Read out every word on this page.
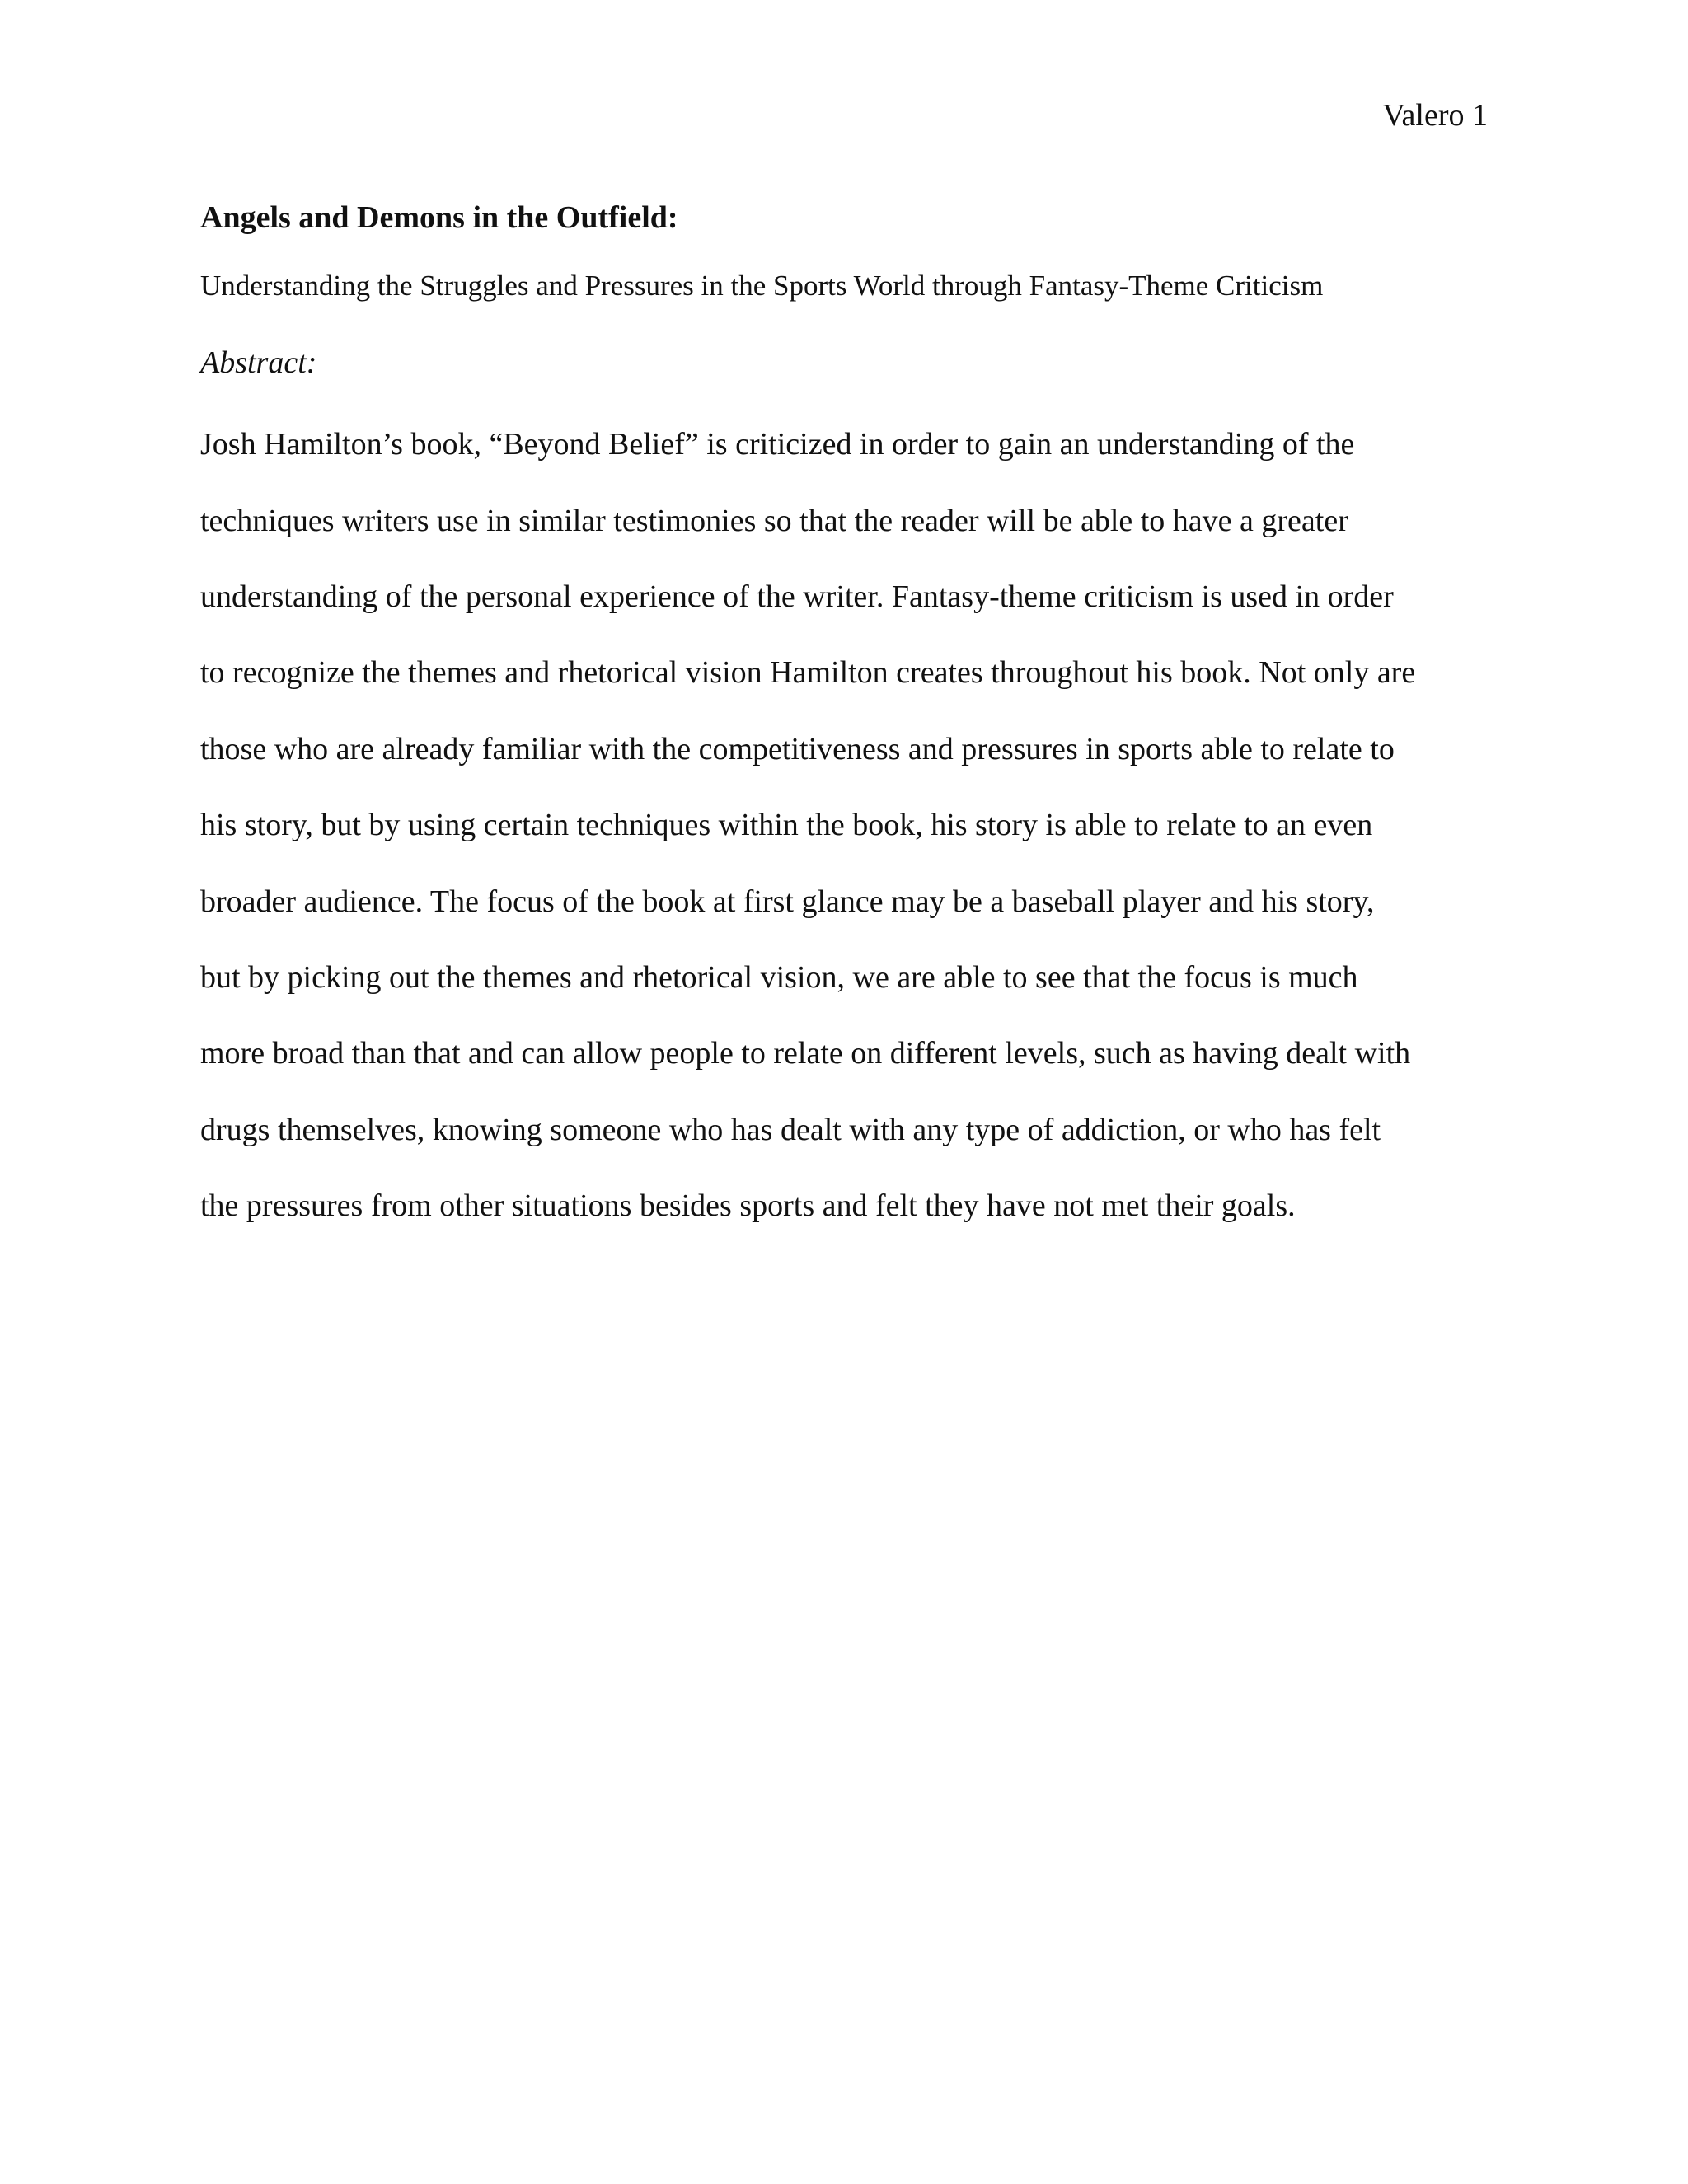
Valero 1
Angels and Demons in the Outfield:

Understanding the Struggles and Pressures in the Sports World through Fantasy-Theme Criticism

Abstract:

Josh Hamilton’s book, “Beyond Belief” is criticized in order to gain an understanding of the

techniques writers use in similar testimonies so that the reader will be able to have a greater

understanding of the personal experience of the writer. Fantasy-theme criticism is used in order

to recognize the themes and rhetorical vision Hamilton creates throughout his book. Not only are

those who are already familiar with the competitiveness and pressures in sports able to relate to

his story, but by using certain techniques within the book, his story is able to relate to an even

broader audience. The focus of the book at first glance may be a baseball player and his story,

but by picking out the themes and rhetorical vision, we are able to see that the focus is much

more broad than that and can allow people to relate on different levels, such as having dealt with

drugs themselves, knowing someone who has dealt with any type of addiction, or who has felt

the pressures from other situations besides sports and felt they have not met their goals.
